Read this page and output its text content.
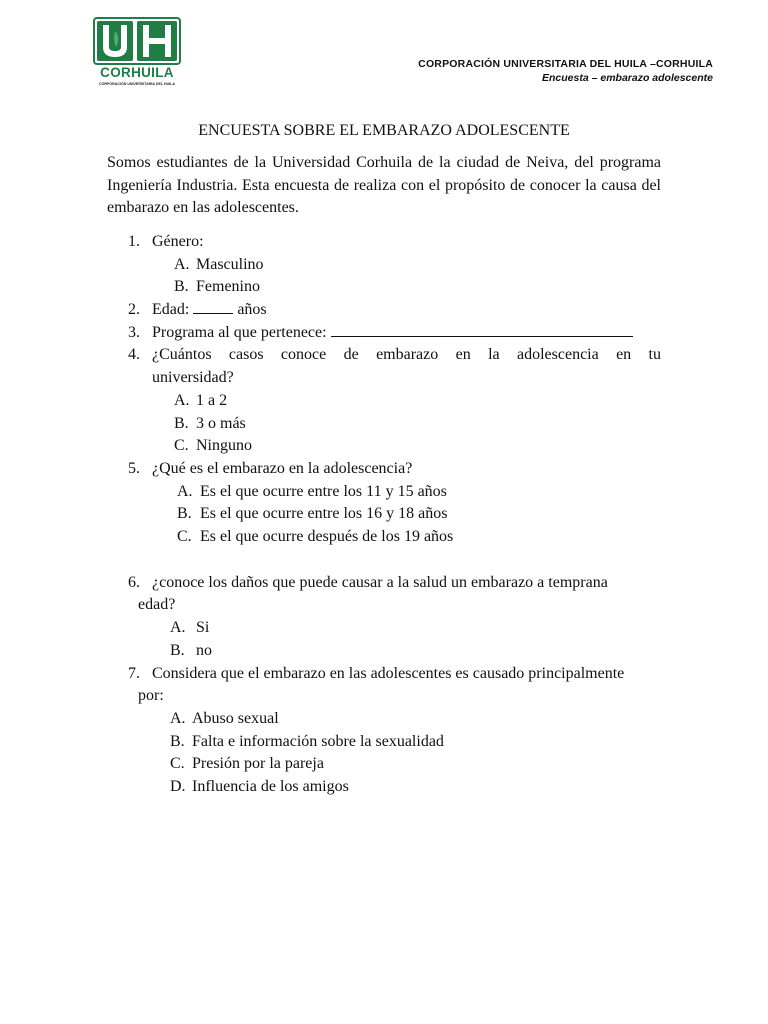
CORHUILA
CORPORACIÓN UNIVERSITARIA DEL HUILA
CORPORACIÓN UNIVERSITARIA DEL HUILA –CORHUILA
Encuesta – embarazo adolescente
ENCUESTA SOBRE EL EMBARAZO ADOLESCENTE

Somos estudiantes de la Universidad Corhuila de la ciudad de Neiva, del programa Ingeniería Industria. Esta encuesta de realiza con el propósito de conocer la causa del embarazo en las adolescentes.

1. Género:
A. Masculino
B. Femenino
2. Edad:	años
3. Programa al que pertenece:
4. ¿Cuántos casos conoce de embarazo en la adolescencia en tu
universidad?
A. 1 a 2
B. 3 o más
C. Ninguno
5. ¿Qué es el embarazo en la adolescencia?
A. Es el que ocurre entre los 11 y 15 años
B. Es el que ocurre entre los 16 y 18 años
C. Es el que ocurre después de los 19 años
6. ¿conoce los daños que puede causar a la salud un embarazo a temprana
edad?
A. Si
B. no
7. Considera que el embarazo en las adolescentes es causado principalmente
por:
A. Abuso sexual
B. Falta e información sobre la sexualidad
C. Presión por la pareja
D. Influencia de los amigos
